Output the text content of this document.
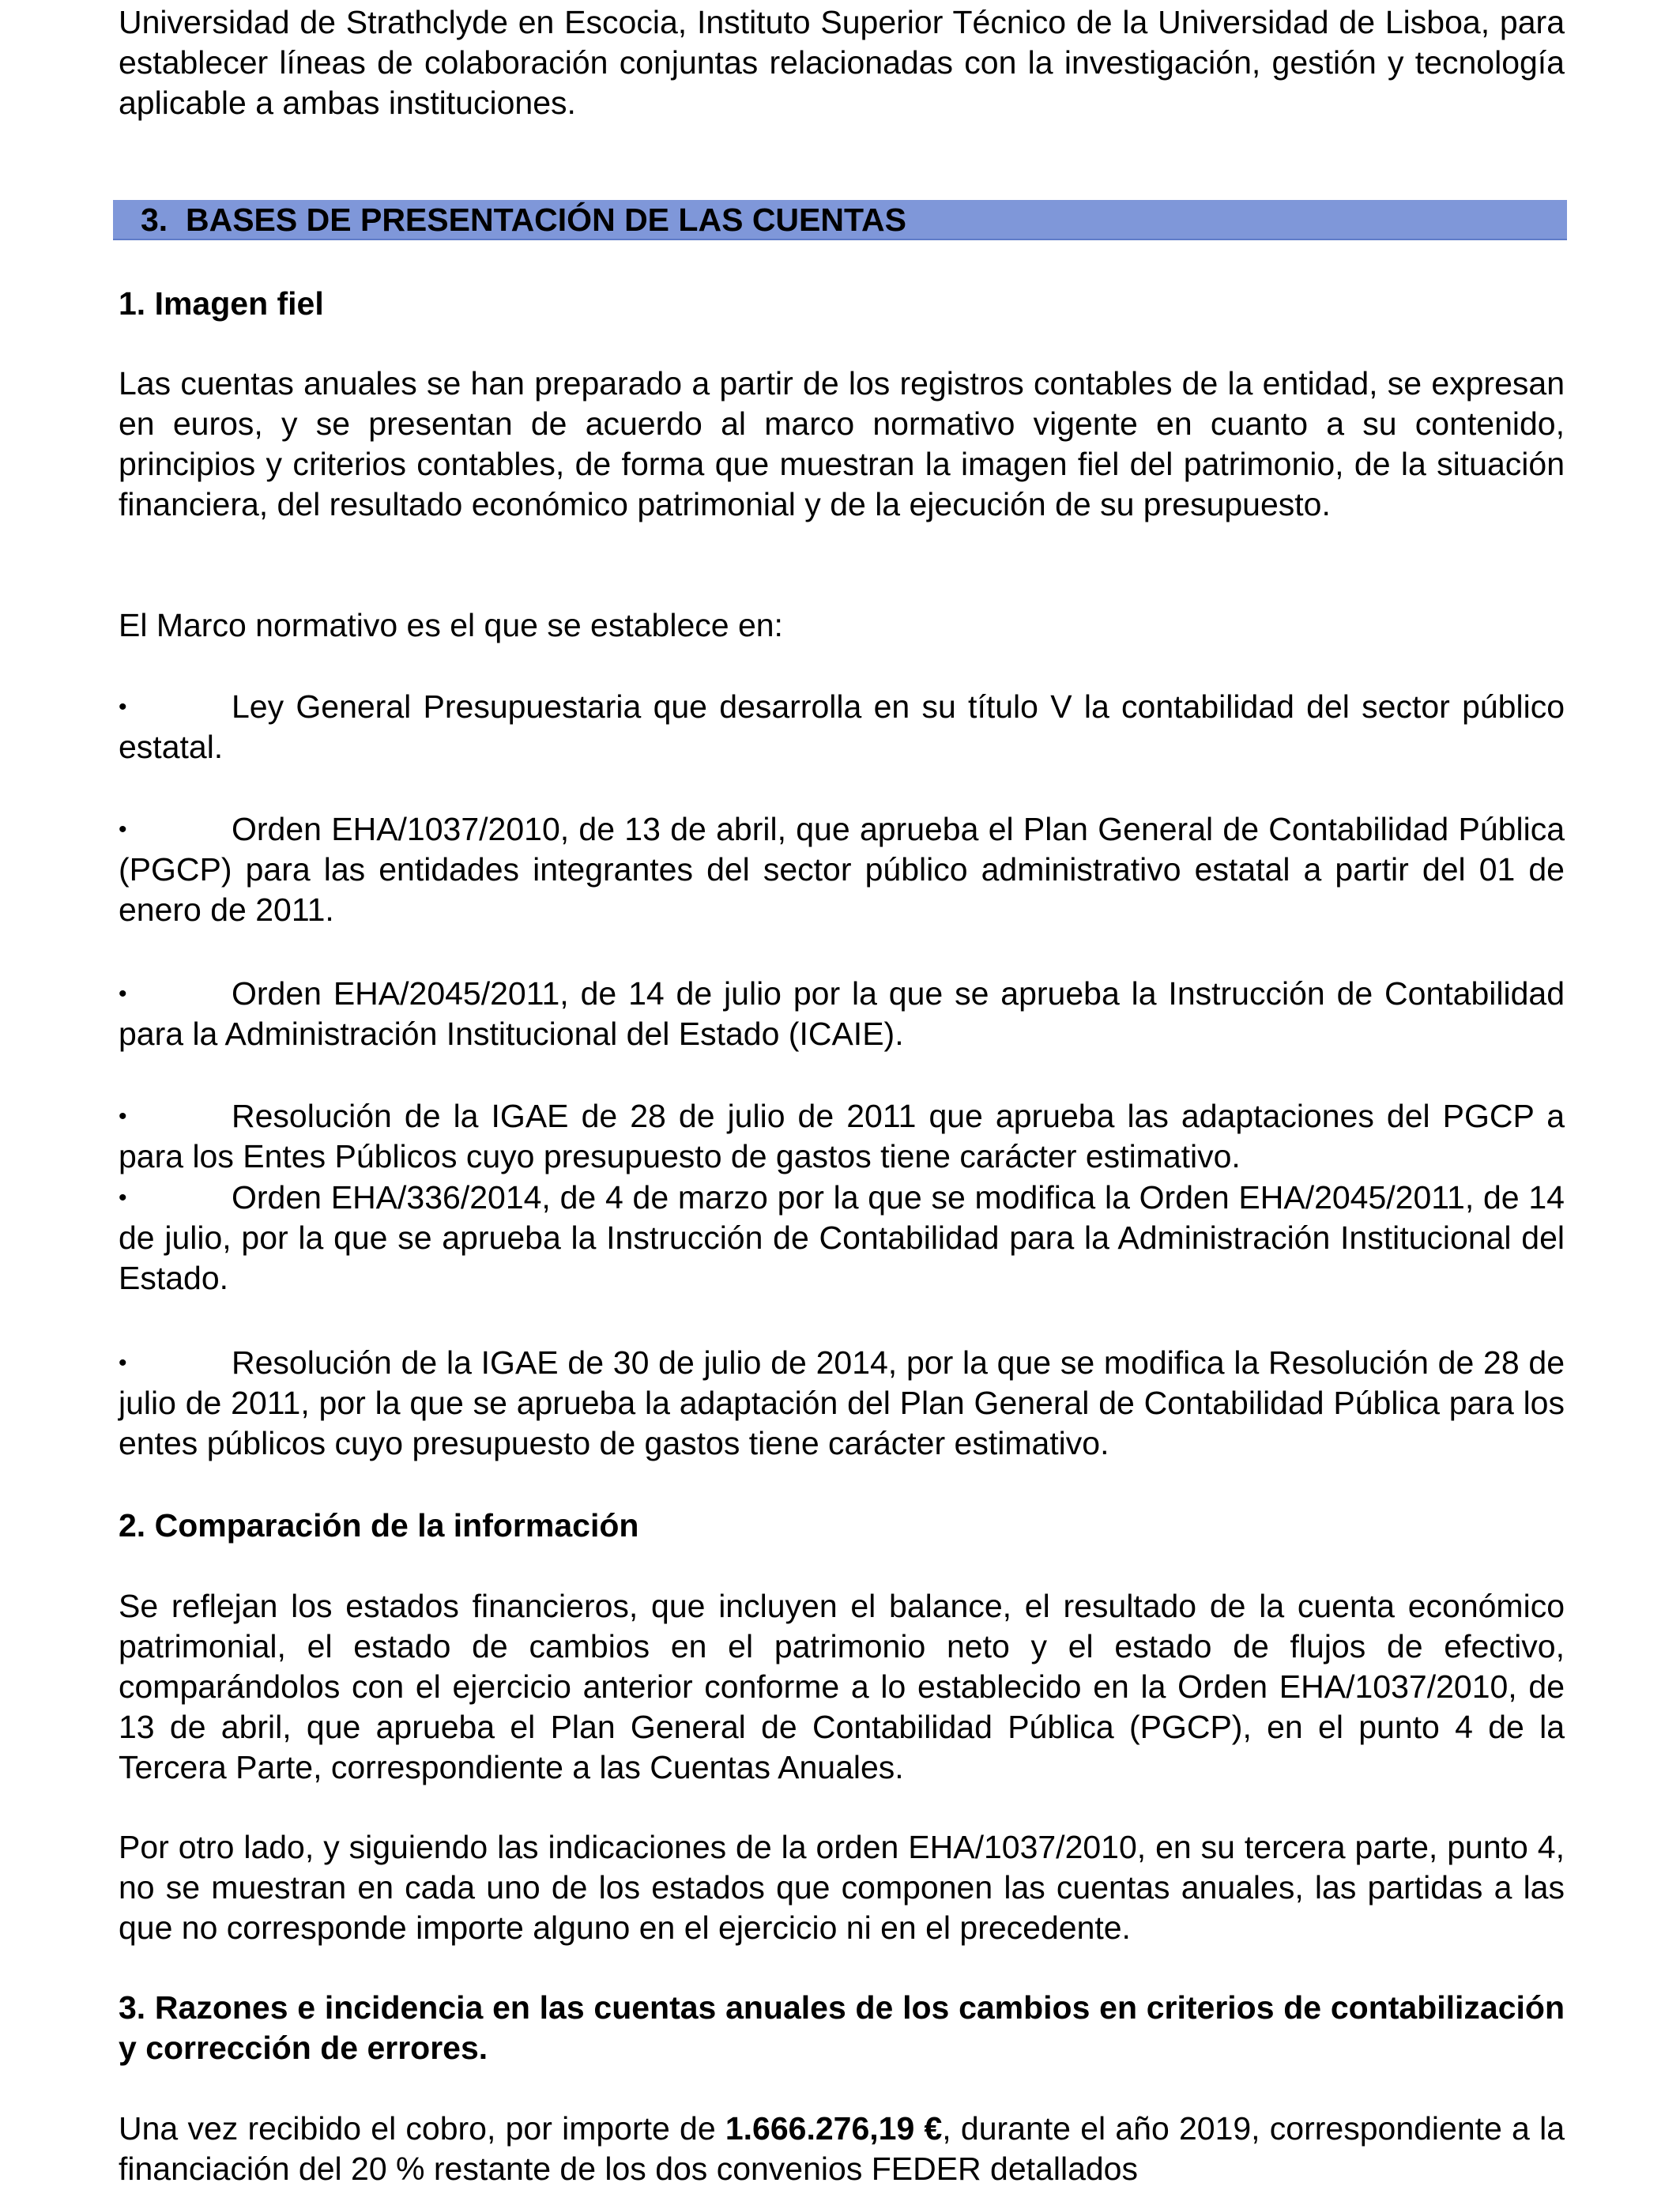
Universidad de Strathclyde en Escocia, Instituto Superior Técnico de la Universidad de Lisboa, para establecer líneas de colaboración conjuntas relacionadas con la investigación, gestión y tecnología aplicable a ambas instituciones.

3.  BASES DE PRESENTACIÓN DE LAS CUENTAS

1. Imagen fiel

Las cuentas anuales se han preparado a partir de los registros contables de la entidad, se expresan en euros, y se presentan de acuerdo al marco normativo vigente en cuanto a su contenido, principios y criterios contables, de forma que muestran la imagen fiel del patrimonio, de la situación financiera, del resultado económico patrimonial y de la ejecución de su presupuesto.

El Marco normativo es el que se establece en:

•	Ley General Presupuestaria que desarrolla en su título V la contabilidad del sector público estatal.

•	Orden EHA/1037/2010, de 13 de abril, que aprueba el Plan General de Contabilidad Pública (PGCP) para las entidades integrantes del sector público administrativo estatal a partir del 01 de enero de 2011.

•	Orden EHA/2045/2011, de 14 de julio por la que se aprueba la Instrucción de Contabilidad para la Administración Institucional del Estado (ICAIE).

•	Resolución de la IGAE de 28 de julio de 2011 que aprueba las adaptaciones del PGCP a para los Entes Públicos cuyo presupuesto de gastos tiene carácter estimativo.

•	Orden EHA/336/2014, de 4 de marzo por la que se modifica la Orden EHA/2045/2011, de 14 de julio, por la que se aprueba la Instrucción de Contabilidad para la Administración Institucional del Estado.

•	Resolución de la IGAE de 30 de julio de 2014, por la que se modifica la Resolución de 28 de julio de 2011, por la que se aprueba la adaptación del Plan General de Contabilidad Pública para los entes públicos cuyo presupuesto de gastos tiene carácter estimativo.

2. Comparación de la información

Se reflejan los estados financieros, que incluyen el balance, el resultado de la cuenta económico patrimonial, el estado de cambios en el patrimonio neto y el estado de flujos de efectivo, comparándolos con el ejercicio anterior conforme a lo establecido en la Orden EHA/1037/2010, de 13 de abril, que aprueba el Plan General de Contabilidad Pública (PGCP), en el punto 4 de la Tercera Parte, correspondiente a las Cuentas Anuales.

Por otro lado, y siguiendo las indicaciones de la orden EHA/1037/2010, en su tercera parte, punto 4, no se muestran en cada uno de los estados que componen las cuentas anuales, las partidas a las que no corresponde importe alguno en el ejercicio ni en el precedente.

3. Razones e incidencia en las cuentas anuales de los cambios en criterios de contabilización y corrección de errores.

Una vez recibido el cobro, por importe de 1.666.276,19 €, durante el año 2019, correspondiente a la financiación del 20 % restante de los dos convenios FEDER detallados
